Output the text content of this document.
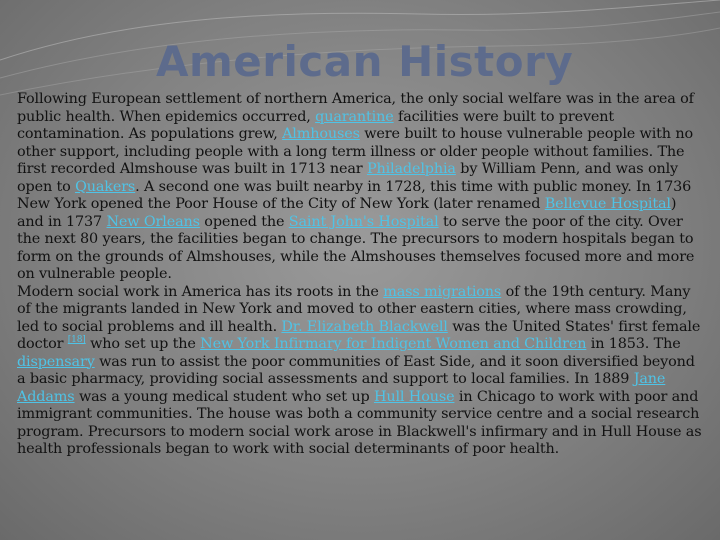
American History

Following European settlement of northern America, the only social welfare was in the area of public health. When epidemics occurred, quarantine facilities were built to prevent contamination. As populations grew, Almhouses were built to house vulnerable people with no other support, including people with a long term illness or older people without families. The first recorded Almshouse was built in 1713 near Philadelphia by William Penn, and was only open to Quakers. A second one was built nearby in 1728, this time with public money. In 1736 New York opened the Poor House of the City of New York (later renamed Bellevue Hospital) and in 1737 New Orleans opened the Saint John's Hospital to serve the poor of the city. Over the next 80 years, the facilities began to change. The precursors to modern hospitals began to form on the grounds of Almshouses, while the Almshouses themselves focused more and more on vulnerable people.

Modern social work in America has its roots in the mass migrations of the 19th century. Many of the migrants landed in New York and moved to other eastern cities, where mass crowding, led to social problems and ill health. Dr. Elizabeth Blackwell was the United States' first female doctor [18] who set up the New York Infirmary for Indigent Women and Children in 1853. The dispensary was run to assist the poor communities of East Side, and it soon diversified beyond a basic pharmacy, providing social assessments and support to local families. In 1889 Jane Addams was a young medical student who set up Hull House in Chicago to work with poor and immigrant communities. The house was both a community service centre and a social research program. Precursors to modern social work arose in Blackwell's infirmary and in Hull House as health professionals began to work with social determinants of poor health.
